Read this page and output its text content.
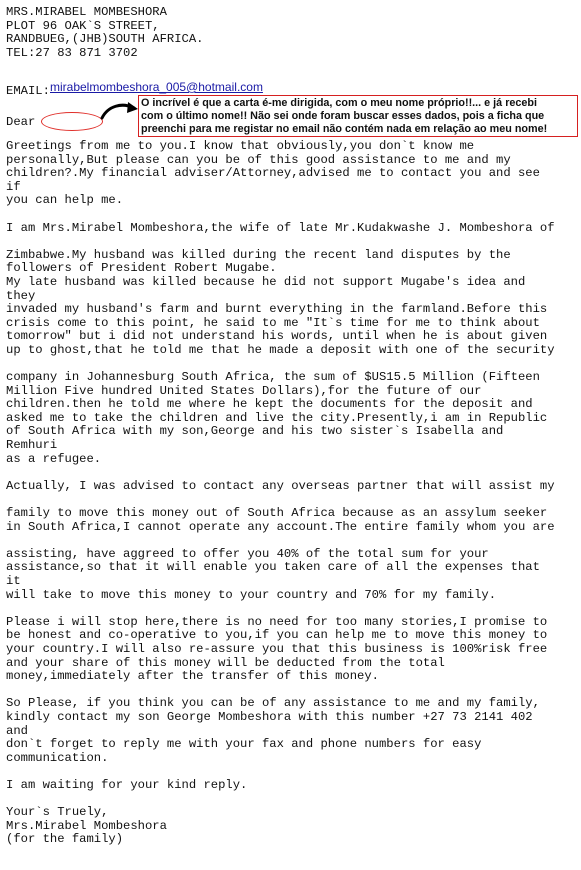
MRS.MIRABEL MOMBESHORA
PLOT 96 OAK`S STREET,
RANDBUEG,(JHB)SOUTH AFRICA.
TEL:27 83 871 3702
EMAIL: mirabelmombeshora_005@hotmail.com
Dear
O incrível é que a carta é-me dirigida, com o meu nome próprio!!... e já recebi
com o último nome!! Não sei onde foram buscar esses dados, pois a ficha que
preenchi para me registar no email não contém nada em relação ao meu nome!
Greetings from me to you.I know that obviously,you don`t know me
personally,But please can you be of this good assistance to me and my
children?.My financial adviser/Attorney,advised me to contact you and see
if
you can help me.
I am Mrs.Mirabel Mombeshora,the wife of late Mr.Kudakwashe J. Mombeshora of
Zimbabwe.My husband was killed during the recent land disputes by the
followers of President Robert Mugabe.
My late husband was killed because he did not support Mugabe's idea and
they
invaded my husband's farm and burnt everything in the farmland.Before this
crisis come to this point, he said to me "It`s time for me to think about
tomorrow" but i did not understand his words, until when he is about given
up to ghost,that he told me that he made a deposit with one of the security
company in Johannesburg South Africa, the sum of $US15.5 Million (Fifteen
Million Five hundred United States Dollars),for the future of our
children.then he told me where he kept the documents for the deposit and
asked me to take the children and live the city.Presently,i am in Republic
of South Africa with my son,George and his two sister`s Isabella and
Remhuri
as a refugee.
Actually, I was advised to contact any overseas partner that will assist my
family to move this money out of South Africa because as an assylum seeker
in South Africa,I cannot operate any account.The entire family whom you are
assisting, have aggreed to offer you 40% of the total sum for your
assistance,so that it will enable you taken care of all the expenses that
it
will take to move this money to your country and 70% for my family.
Please i will stop here,there is no need for too many stories,I promise to
be honest and co-operative to you,if you can help me to move this money to
your country.I will also re-assure you that this business is 100%risk free
and your share of this money will be deducted from the total
money,immediately after the transfer of this money.
So Please, if you think you can be of any assistance to me and my family,
kindly contact my son George Mombeshora with this number +27 73 2141 402
and
don`t forget to reply me with your fax and phone numbers for easy
communication.
I am waiting for your kind reply.
Your`s Truely,
Mrs.Mirabel Mombeshora
(for the family)
